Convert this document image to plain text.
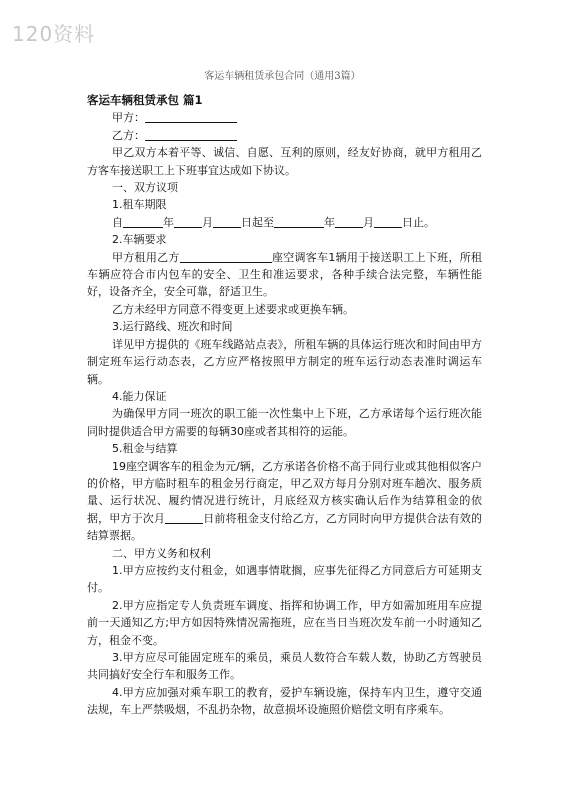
120资料
客运车辆租赁承包合同（通用3篇）

客运车辆租赁承包 篇1

甲方：

乙方：

甲乙双方本着平等、诚信、自愿、互利的原则，经友好协商，就甲方租用乙方客车接送职工上下班事宜达成如下协议。

一、双方议项

1.租车期限

自	年	月	日起至	年	月	日止。

2.车辆要求

甲方租用乙方	座空调客车1辆用于接送职工上下班，所租车辆应符合市内包车的安全、卫生和准运要求，各种手续合法完整，车辆性能好，设备齐全，安全可靠，舒适卫生。

乙方未经甲方同意不得变更上述要求或更换车辆。

3.运行路线、班次和时间

详见甲方提供的《班车线路站点表》，所租车辆的具体运行班次和时间由甲方制定班车运行动态表，乙方应严格按照甲方制定的班车运行动态表准时调运车辆。

4.能力保证

为确保甲方同一班次的职工能一次性集中上下班，乙方承诺每个运行班次能同时提供适合甲方需要的每辆30座或者其相符的运能。

5.租金与结算

19座空调客车的租金为元/辆，乙方承诺各价格不高于同行业或其他相似客户的价格，甲方临时租车的租金另行商定，甲乙双方每月分别对班车趟次、服务质量、运行状况、履约情况进行统计，月底经双方核实确认后作为结算租金的依据，甲方于次月	日前将租金支付给乙方，乙方同时向甲方提供合法有效的结算票据。

二、甲方义务和权利

1.甲方应按约支付租金，如遇事情耽搁，应事先征得乙方同意后方可延期支付。

2.甲方应指定专人负责班车调度、指挥和协调工作，甲方如需加班用车应提前一天通知乙方;甲方如因特殊情况需拖班，应在当日当班次发车前一小时通知乙方，租金不变。

3.甲方应尽可能固定班车的乘员，乘员人数符合车载人数，协助乙方驾驶员共同搞好安全行车和服务工作。

4.甲方应加强对乘车职工的教育，爱护车辆设施，保持车内卫生，遵守交通法规，车上严禁吸烟，不乱扔杂物，故意损坏设施照价赔偿文明有序乘车。
